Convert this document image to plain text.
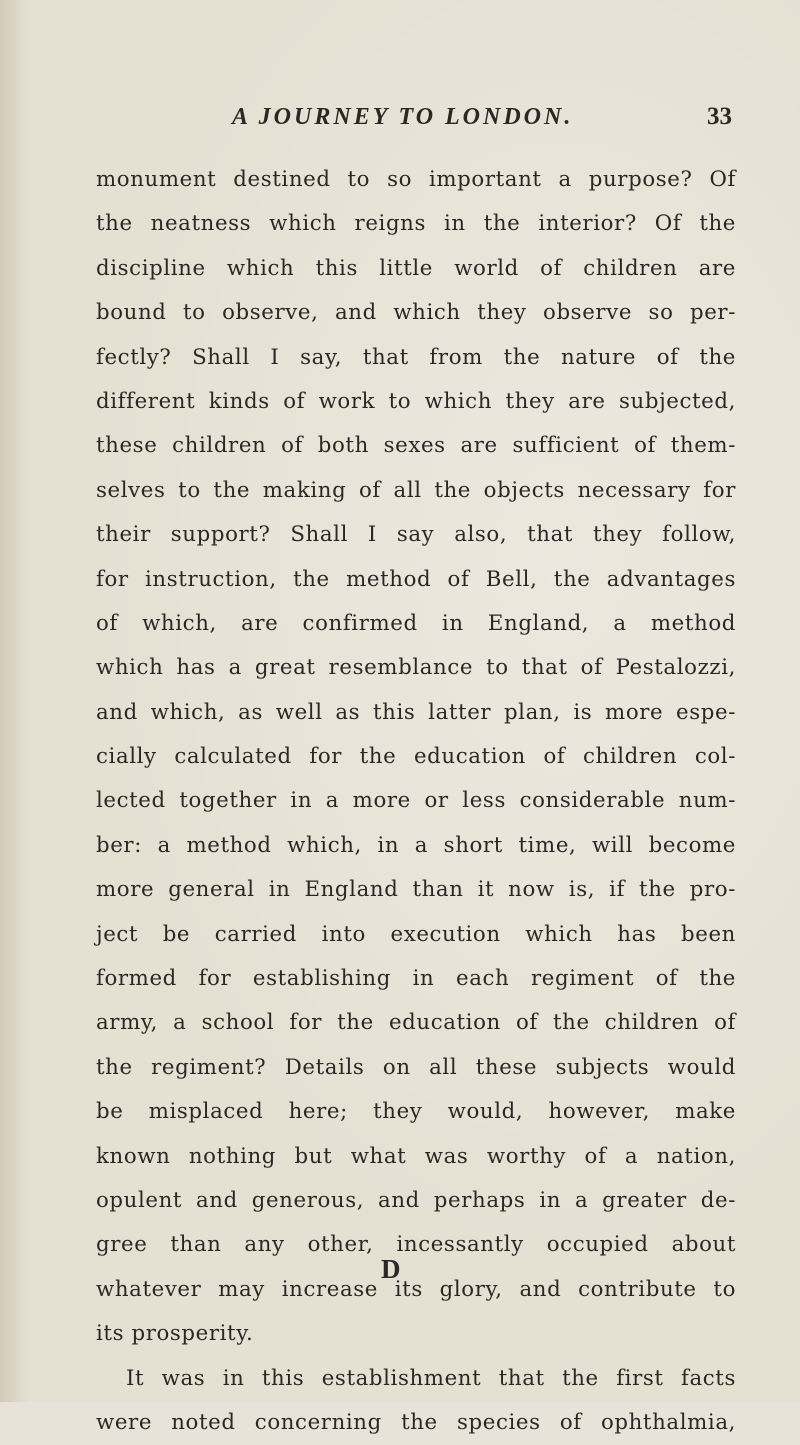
A JOURNEY TO LONDON.	33
monument destined to so important a purpose? Of
the neatness which reigns in the interior? Of the
discipline which this little world of children are
bound to observe, and which they observe so per-
fectly? Shall I say, that from the nature of the
different kinds of work to which they are subjected,
these children of both sexes are sufficient of them-
selves to the making of all the objects necessary for
their support? Shall I say also, that they follow,
for instruction, the method of Bell, the advantages
of which, are confirmed in England, a method
which has a great resemblance to that of Pestalozzi,
and which, as well as this latter plan, is more espe-
cially calculated for the education of children col-
lected together in a more or less considerable num-
ber: a method which, in a short time, will become
more general in England than it now is, if the pro-
ject be carried into execution which has been
formed for establishing in each regiment of the
army, a school for the education of the children of
the regiment? Details on all these subjects would
be misplaced here; they would, however, make
known nothing but what was worthy of a nation,
opulent and generous, and perhaps in a greater de-
gree than any other, incessantly occupied about
whatever may increase its glory, and contribute to
its prosperity.
It was in this establishment that the first facts
were noted concerning the species of ophthalmia,
D
